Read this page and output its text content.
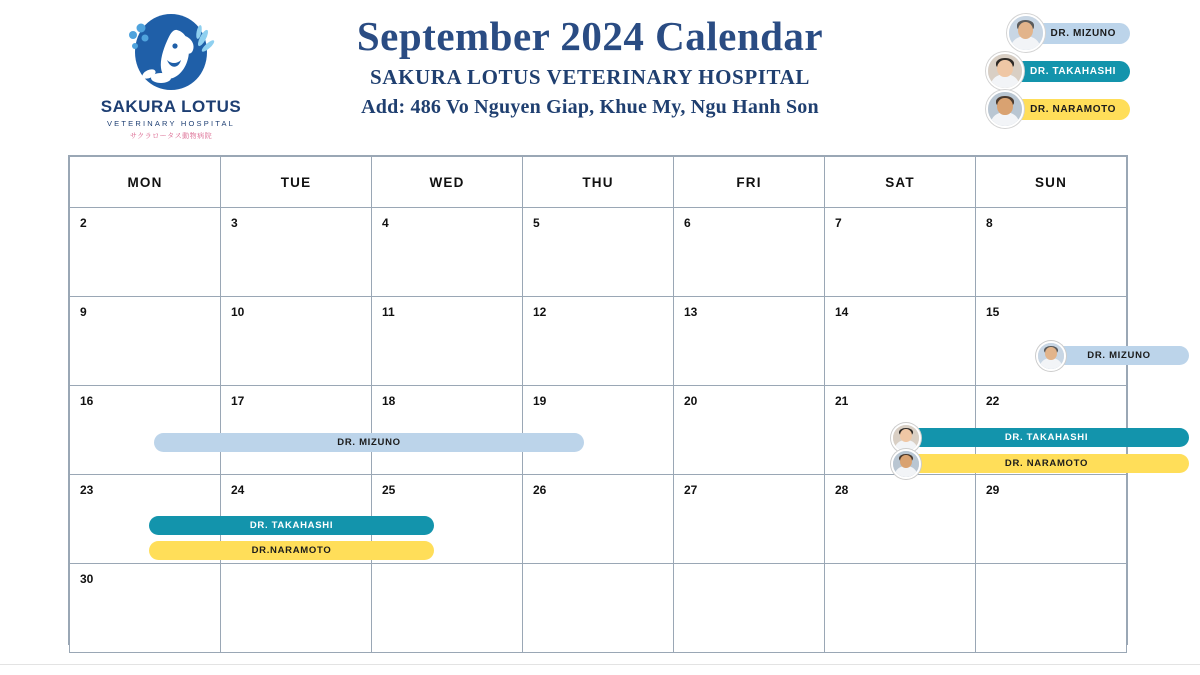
SAKURA LOTUS
VETERINARY HOSPITAL
サクラロータス動物病院
September 2024 Calendar
SAKURA LOTUS VETERINARY HOSPITAL
Add: 486 Vo Nguyen Giap, Khue My, Ngu Hanh Son
DR. MIZUNO
DR. TAKAHASHI
DR. NARAMOTO
MON	TUE	WED	THU	FRI	SAT	SUN

2	3	4	5	6	7	8

9	10	11	12	13	14	15

16	17	18	19	20	21	22

23	24	25	26	27	28	29

30						

DR. MIZUNO
DR. MIZUNO	DR. TAKAHASHI
DR. NARAMOTO
DR. TAKAHASHI
DR.NARAMOTO
